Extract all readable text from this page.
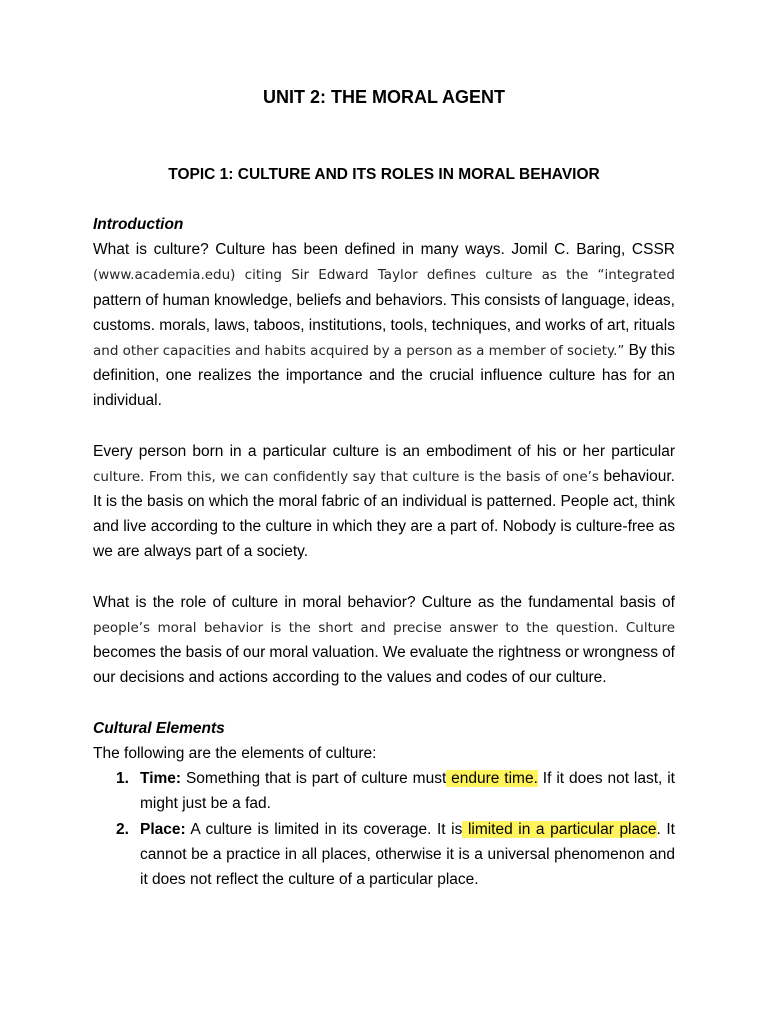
UNIT 2: THE MORAL AGENT
TOPIC 1: CULTURE AND ITS ROLES IN MORAL BEHAVIOR
Introduction
What is culture? Culture has been defined in many ways. Jomil C. Baring, CSSR
(www.academia.edu) citing Sir Edward Taylor defines culture as the “integrated
pattern of human knowledge, beliefs and behaviors. This consists of language, ideas,
customs. morals, laws, taboos, institutions, tools, techniques, and works of art, rituals
and other capacities and habits acquired by a person as a member of society.” By this
definition, one realizes the importance and the crucial influence culture has for an
individual.
Every person born in a particular culture is an embodiment of his or her particular
culture. From this, we can confidently say that culture is the basis of one’s behaviour.
It is the basis on which the moral fabric of an individual is patterned. People act, think
and live according to the culture in which they are a part of. Nobody is culture-free as
we are always part of a society.
What is the role of culture in moral behavior? Culture as the fundamental basis of
people’s moral behavior is the short and precise answer to the question. Culture
becomes the basis of our moral valuation. We evaluate the rightness or wrongness of
our decisions and actions according to the values and codes of our culture.
Cultural Elements
The following are the elements of culture:
1. Time: Something that is part of culture must endure time. If it does not last, it
might just be a fad.
2. Place: A culture is limited in its coverage. It is limited in a particular place. It
cannot be a practice in all places, otherwise it is a universal phenomenon and
it does not reflect the culture of a particular place.
